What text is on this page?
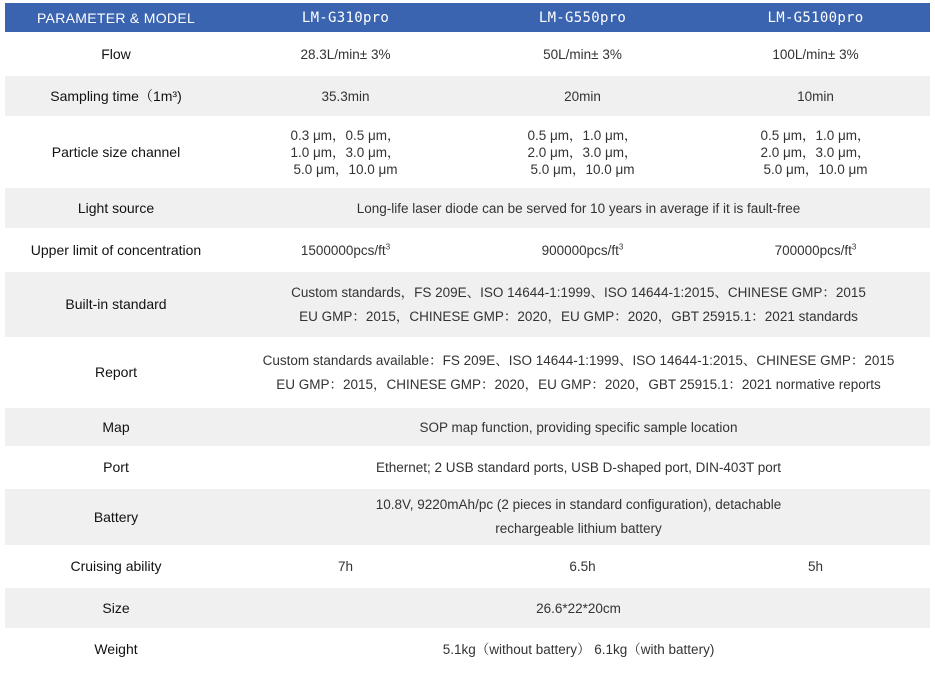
PARAMETER & MODEL	LM-G310pro	LM-G550pro	LM-G5100pro
Flow	28.3L/min± 3%	50L/min± 3%	100L/min± 3%
Sampling time（1m³)	35.3min	20min	10min
Particle size channel	0.3 μm，0.5 μm，
1.0 μm，3.0 μm，
5.0 μm，10.0 μm	0.5 μm，1.0 μm，
2.0 μm，3.0 μm，
5.0 μm，10.0 μm	0.5 μm，1.0 μm，
2.0 μm，3.0 μm，
5.0 μm，10.0 μm

Light source	Long-life laser diode can be served for 10 years in average if it is fault-free		
Upper limit of concentration	$1500000pcs/ft^3$	$900000pcs/ft^3$	$700000pcs/ft^3$
Built-in standard	Custom standards，FS 209E、ISO 14644-1:1999、ISO 14644-1:2015、CHINESE GMP：2015
EU GMP：2015，CHINESE GMP：2020，EU GMP：2020，GBT 25915.1：2021 standards		

Report	Custom standards available：FS 209E、ISO 14644-1:1999、ISO 14644-1:2015、CHINESE GMP：2015
EU GMP：2015，CHINESE GMP：2020，EU GMP：2020，GBT 25915.1：2021 normative reports		

Map	SOP map function, providing specific sample location		
Port	Ethernet; 2 USB standard ports, USB D-shaped port, DIN-403T port		
Battery	10.8V, 9220mAh/pc (2 pieces in standard configuration), detachable
rechargeable lithium battery		

Cruising ability	7h	6.5h	5h
Size	26.6*22*20cm		
Weight	5.1kg（without battery） 6.1kg（with battery)		
